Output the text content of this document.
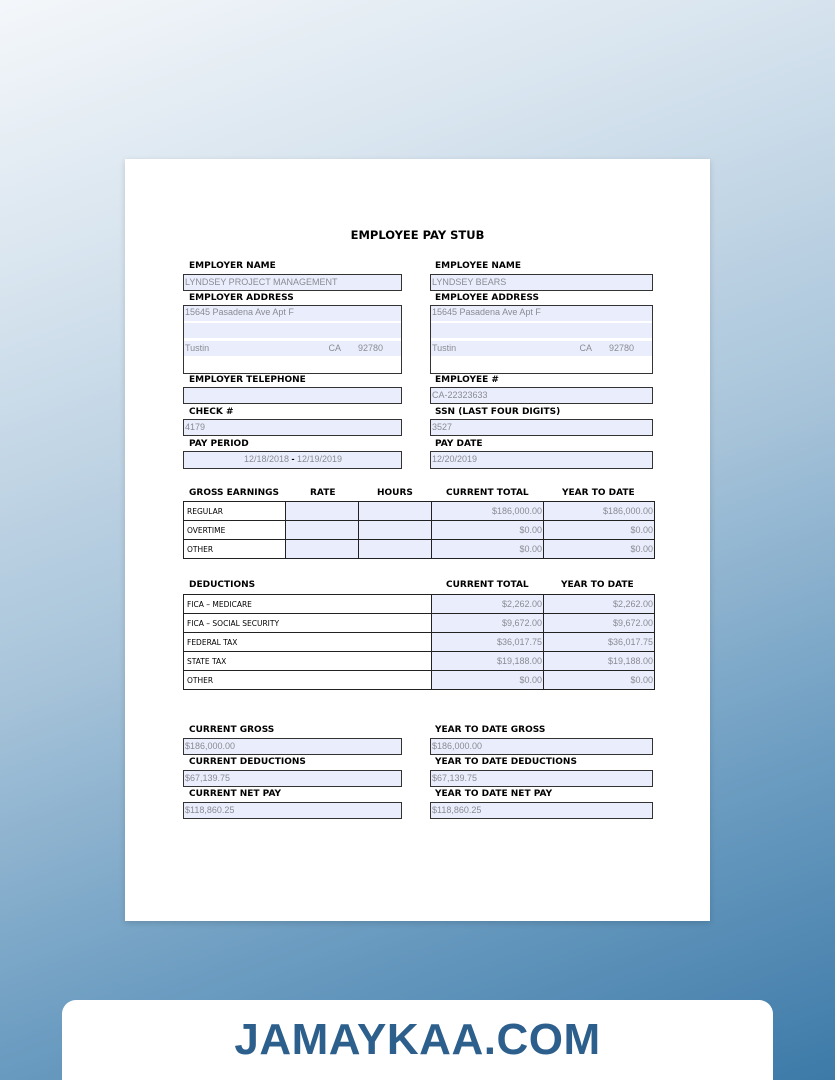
EMPLOYEE PAY STUB
EMPLOYER NAME
LYNDSEY PROJECT MANAGEMENT
EMPLOYER ADDRESS
15645 Pasadena Ave Apt F
Tustin	CA 92780
EMPLOYER TELEPHONE
CHECK #
4179
PAY PERIOD
12/18/2018 - 12/19/2019
EMPLOYEE NAME
LYNDSEY BEARS
EMPLOYEE ADDRESS
15645 Pasadena Ave Apt F
Tustin	CA 92780
EMPLOYEE #
CA-22323633
SSN (LAST FOUR DIGITS)
3527
PAY DATE
12/20/2019
GROSS EARNINGS	RATE	HOURS	CURRENT TOTAL	YEAR TO DATE
REGULAR			$186,000.00	$186,000.00
OVERTIME			$0.00	$0.00
OTHER			$0.00	$0.00
DEDUCTIONS	CURRENT TOTAL	YEAR TO DATE
FICA – MEDICARE	$2,262.00	$2,262.00
FICA – SOCIAL SECURITY	$9,672.00	$9,672.00
FEDERAL TAX	$36,017.75	$36,017.75
STATE TAX	$19,188.00	$19,188.00
OTHER	$0.00	$0.00
CURRENT GROSS
$186,000.00
YEAR TO DATE GROSS
$186,000.00
CURRENT DEDUCTIONS
$67,139.75
YEAR TO DATE DEDUCTIONS
$67,139.75
CURRENT NET PAY
$118,860.25
YEAR TO DATE NET PAY
$118,860.25
JAMAYKAA.COM
